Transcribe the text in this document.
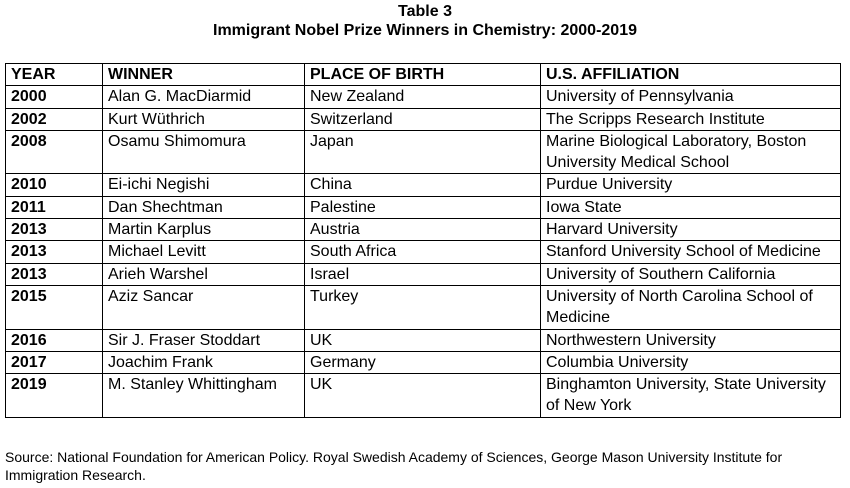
Table 3
Immigrant Nobel Prize Winners in Chemistry: 2000-2019
YEAR	WINNER	PLACE OF BIRTH	U.S. AFFILIATION
2000	Alan G. MacDiarmid	New Zealand	University of Pennsylvania
2002	Kurt Wüthrich	Switzerland	The Scripps Research Institute
2008	Osamu Shimomura	Japan	Marine Biological Laboratory, Boston University Medical School
2010	Ei-ichi Negishi	China	Purdue University
2011	Dan Shechtman	Palestine	Iowa State
2013	Martin Karplus	Austria	Harvard University
2013	Michael Levitt	South Africa	Stanford University School of Medicine
2013	Arieh Warshel	Israel	University of Southern California
2015	Aziz Sancar	Turkey	University of North Carolina School of Medicine
2016	Sir J. Fraser Stoddart	UK	Northwestern University
2017	Joachim Frank	Germany	Columbia University
2019	M. Stanley Whittingham	UK	Binghamton University, State University of New York
Source: National Foundation for American Policy. Royal Swedish Academy of Sciences, George Mason University Institute for Immigration Research.
